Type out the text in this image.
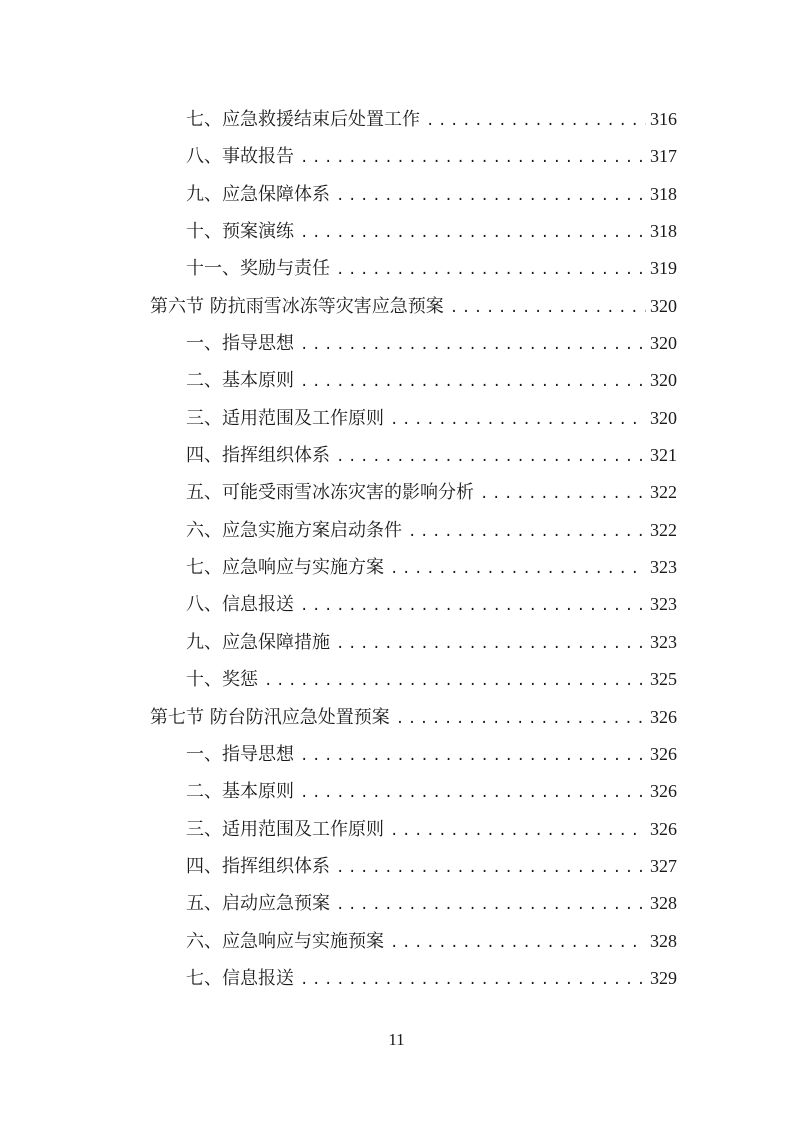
七、应急救援结束后处置工作 .....	316
八、事故报告 .....	317
九、应急保障体系 .....	318
十、预案演练 .....	318
十一、奖励与责任 .....	319
第六节 防抗雨雪冰冻等灾害应急预案 .....	320
一、指导思想 .....	320
二、基本原则 .....	320
三、适用范围及工作原则 .....	320
四、指挥组织体系 .....	321
五、可能受雨雪冰冻灾害的影响分析 .....	322
六、应急实施方案启动条件 .....	322
七、应急响应与实施方案 .....	323
八、信息报送 .....	323
九、应急保障措施 .....	323
十、奖惩 .....	325
第七节 防台防汛应急处置预案 .....	326
一、指导思想 .....	326
二、基本原则 .....	326
三、适用范围及工作原则 .....	326
四、指挥组织体系 .....	327
五、启动应急预案 .....	328
六、应急响应与实施预案 .....	328
七、信息报送 .....	329
11
